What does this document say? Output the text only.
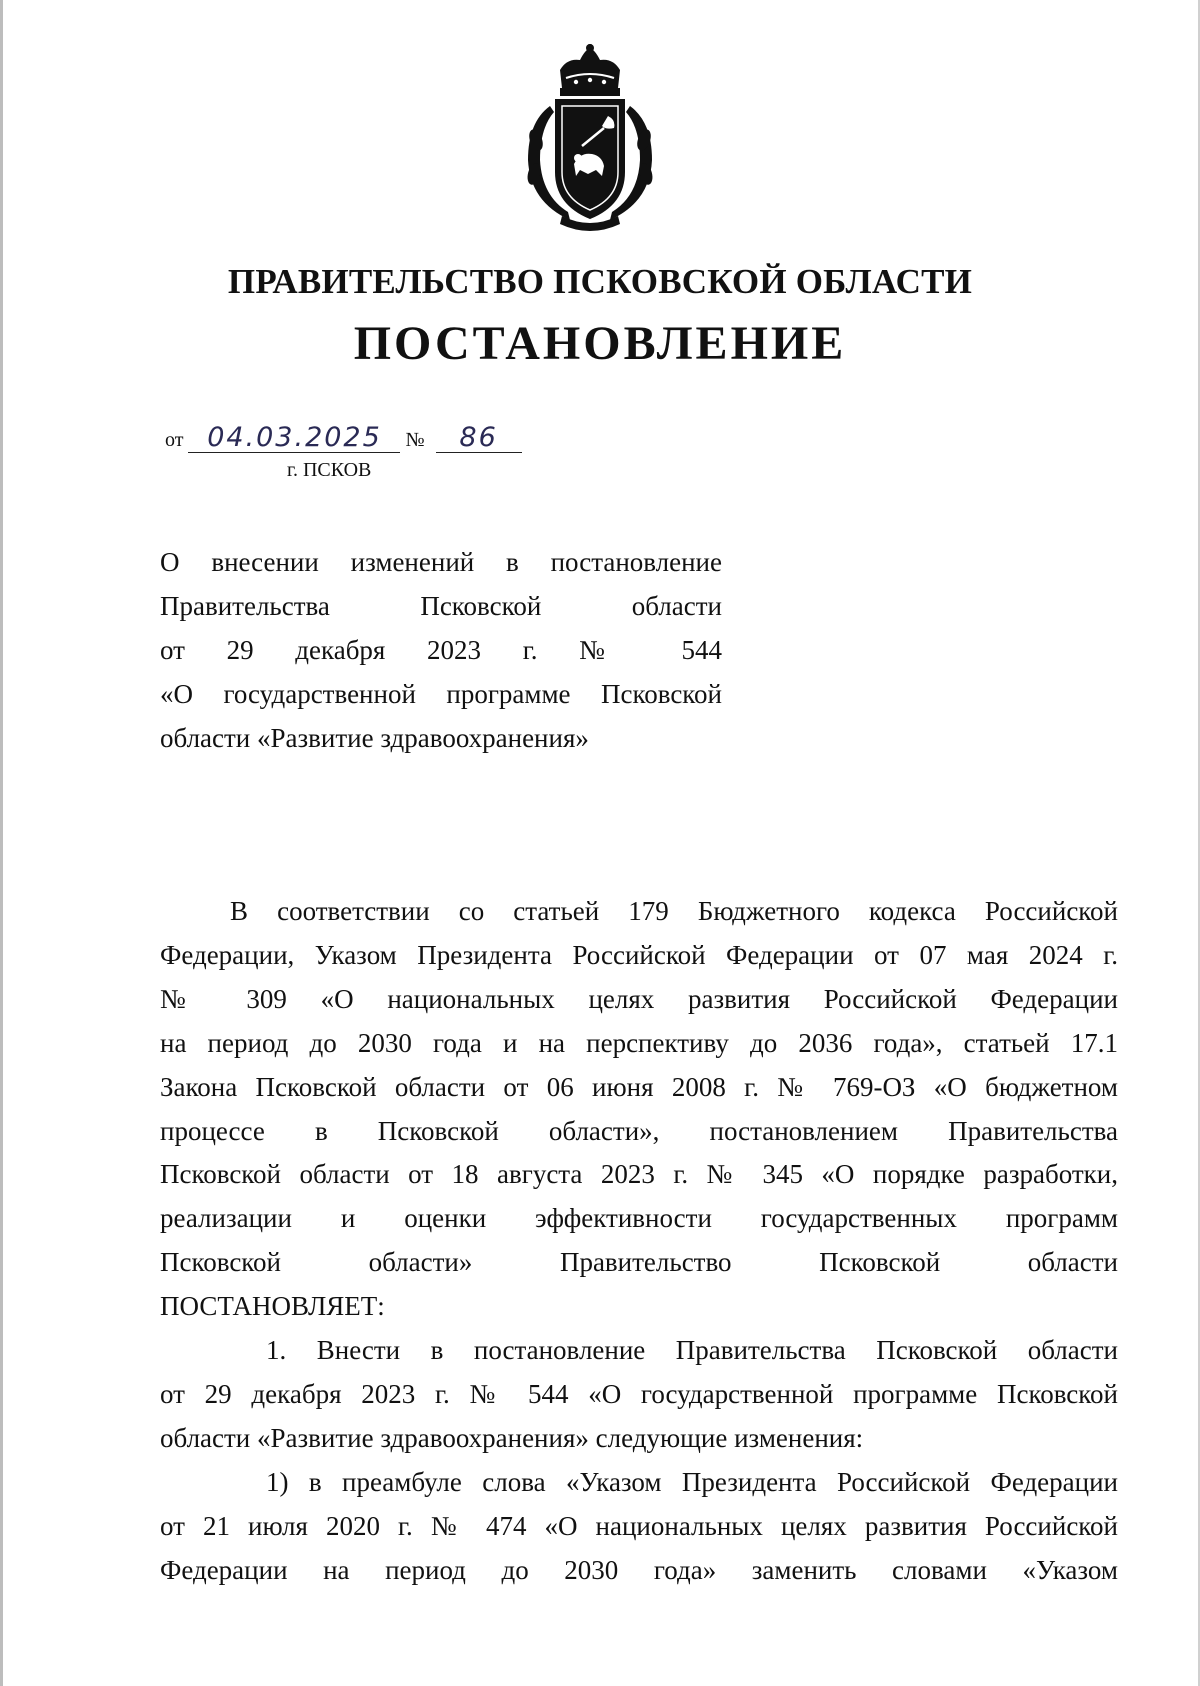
ПРАВИТЕЛЬСТВО ПСКОВСКОЙ ОБЛАСТИ
ПОСТАНОВЛЕНИЕ
от 04.03.2025 № 86
г. ПСКОВ
О внесении изменений в постановление
Правительства Псковской области
от 29 декабря 2023 г. № 544
«О государственной программе Псковской
области «Развитие здравоохранения»
В соответствии со статьей 179 Бюджетного кодекса Российской
Федерации, Указом Президента Российской Федерации от 07 мая 2024 г.
№ 309 «О национальных целях развития Российской Федерации
на период до 2030 года и на перспективу до 2036 года», статьей 17.1
Закона Псковской области от 06 июня 2008 г. № 769-ОЗ «О бюджетном
процессе в Псковской области», постановлением Правительства
Псковской области от 18 августа 2023 г. № 345 «О порядке разработки,
реализации и оценки эффективности государственных программ
Псковской области» Правительство Псковской области
ПОСТАНОВЛЯЕТ:
1. Внести в постановление Правительства Псковской области
от 29 декабря 2023 г. № 544 «О государственной программе Псковской
области «Развитие здравоохранения» следующие изменения:
1) в преамбуле слова «Указом Президента Российской Федерации
от 21 июля 2020 г. № 474 «О национальных целях развития Российской
Федерации на период до 2030 года» заменить словами «Указом
